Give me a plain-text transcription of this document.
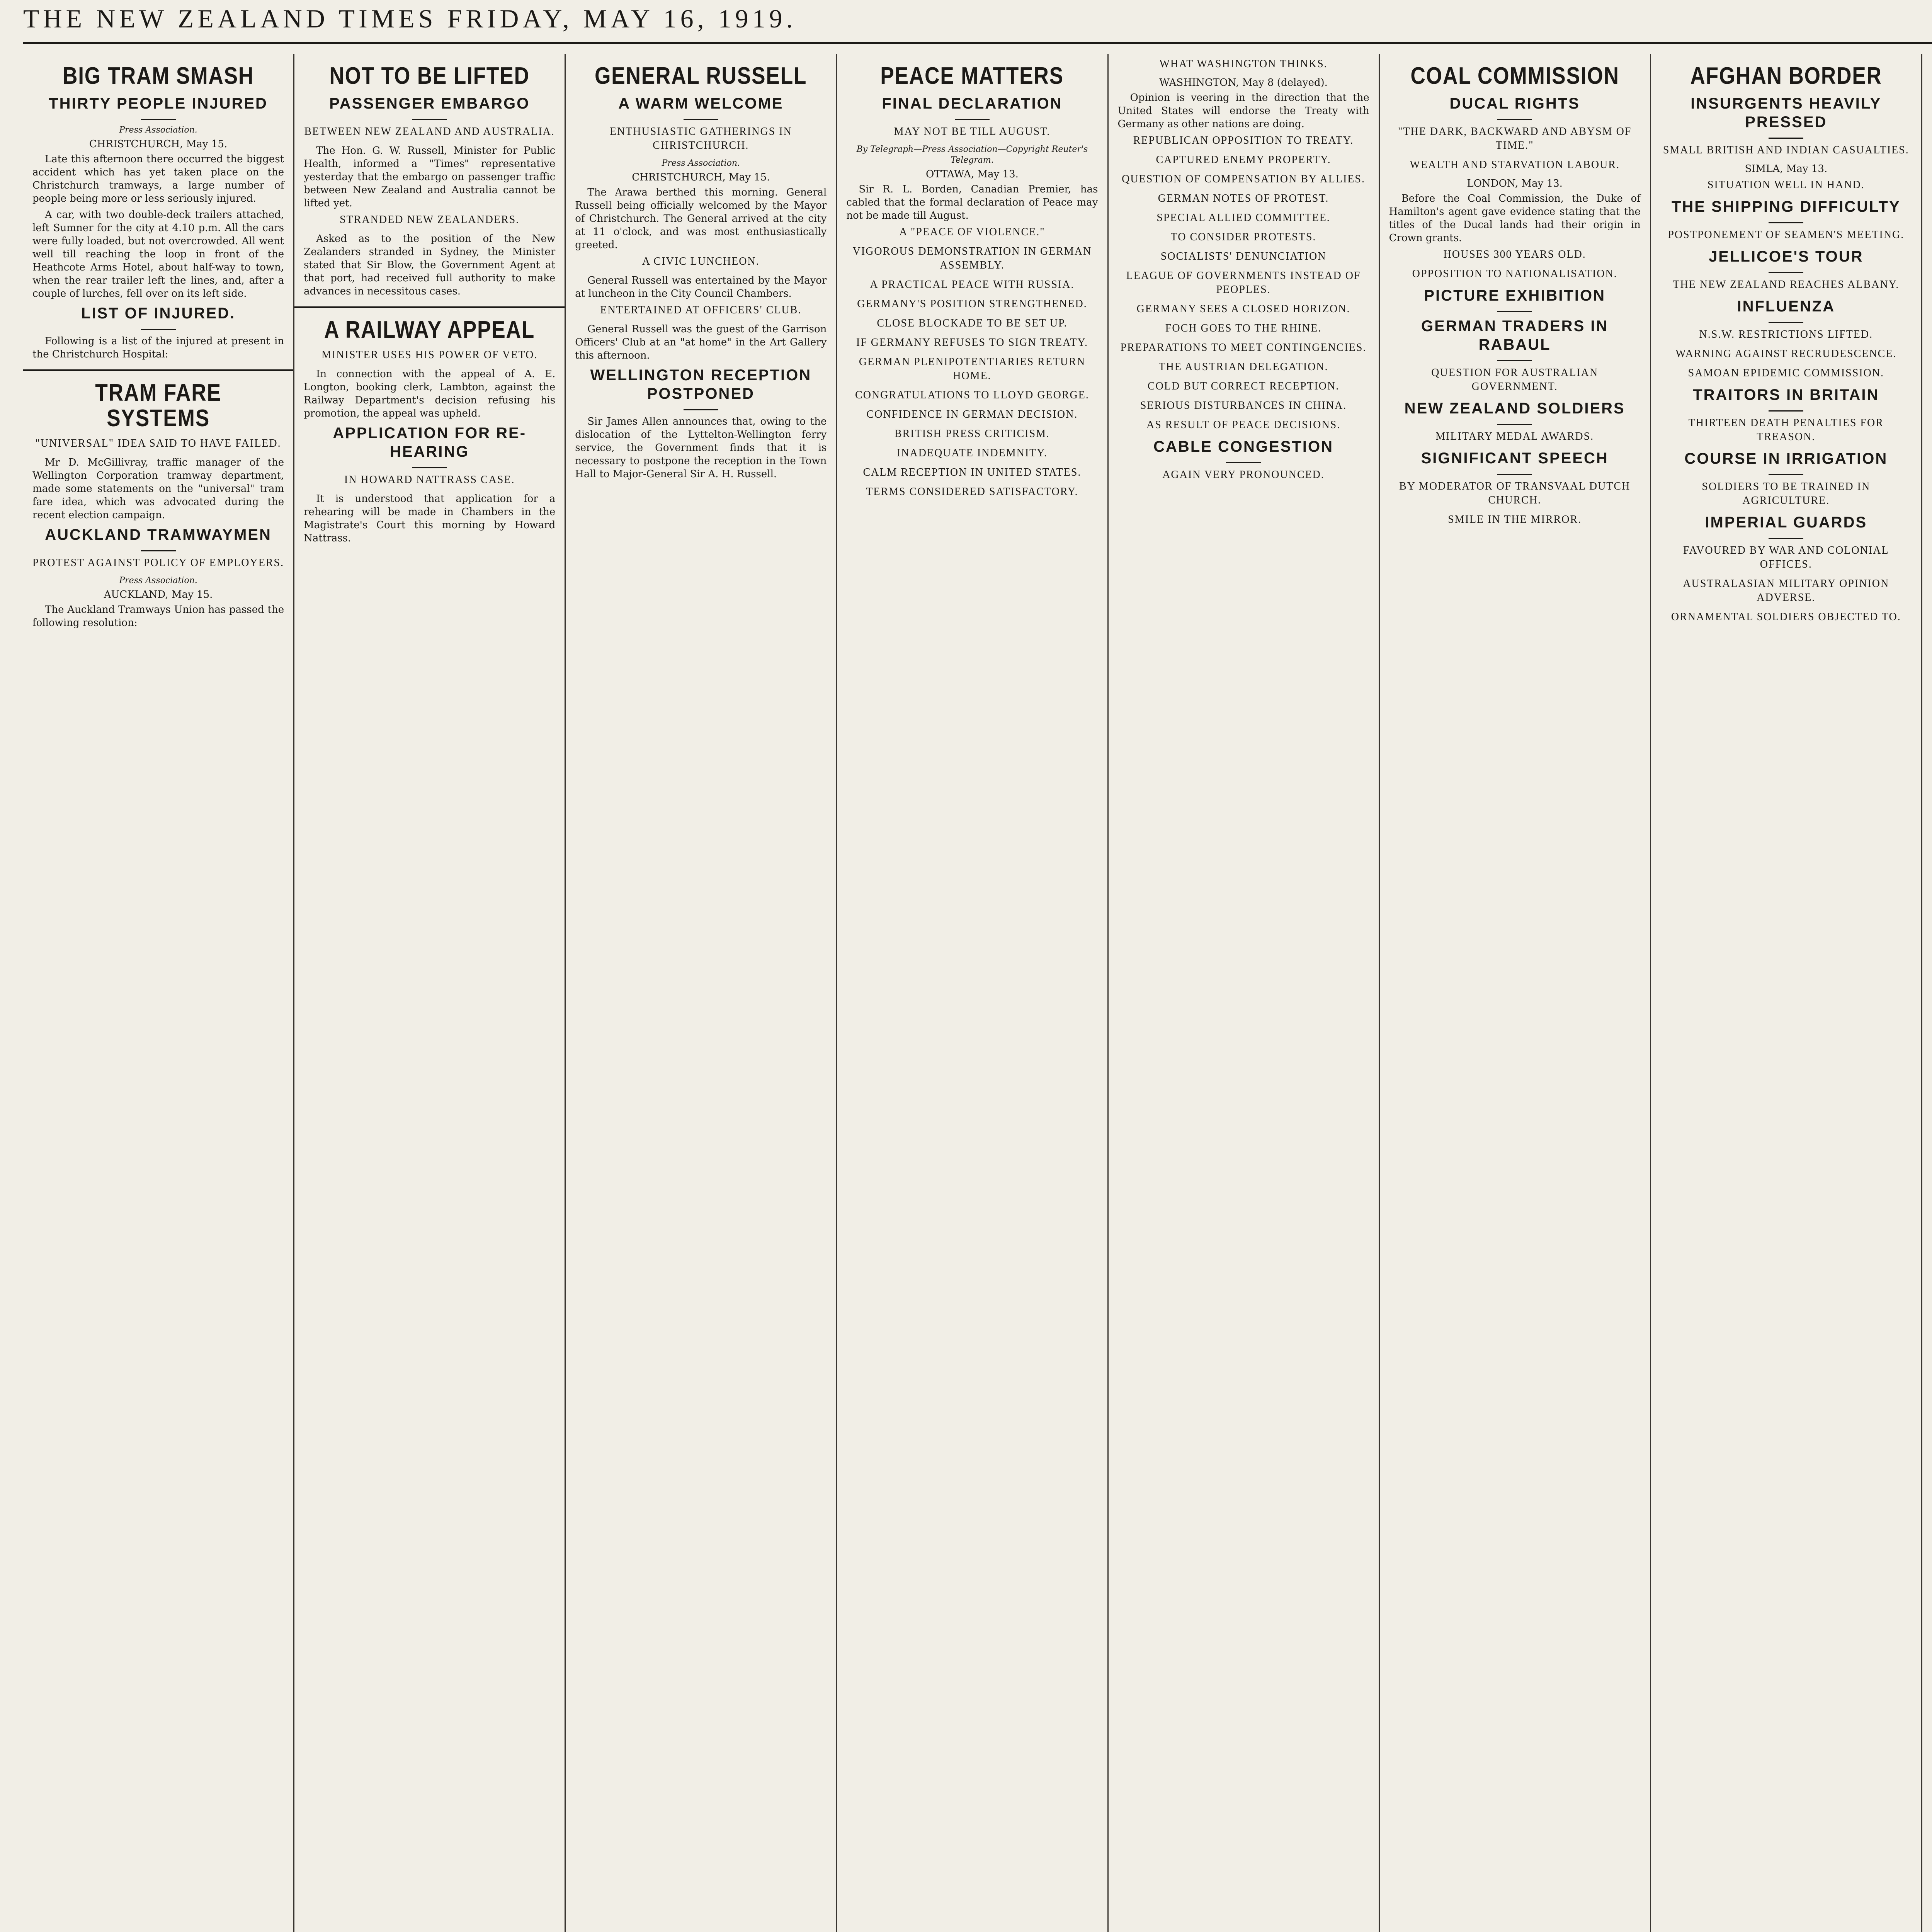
THE NEW ZEALAND TIMES FRIDAY, MAY 16, 1919.
BIG TRAM SMASH
THIRTY PEOPLE INJURED
Press Association.
CHRISTCHURCH, May 15.

Late this afternoon there occurred the biggest accident which has yet taken place on the Christchurch tramways, a large number of people being more or less seriously injured.

A car, with two double-deck trailers attached, left Sumner for the city at 4.10 p.m. All the cars were fully loaded, but not overcrowded. All went well till reaching the loop in front of the Heathcote Arms Hotel, about half-way to town, when the rear trailer left the lines, and, after a couple of lurches, fell over on its left side.

LIST OF INJURED.

Following is a list of the injured at present in the Christchurch Hospital:

TRAM FARE SYSTEMS
"UNIVERSAL" IDEA SAID TO HAVE FAILED.

Mr D. McGillivray, traffic manager of the Wellington Corporation tramway department, made some statements on the "universal" tram fare idea, which was advocated during the recent election campaign.

AUCKLAND TRAMWAYMEN
PROTEST AGAINST POLICY OF EMPLOYERS.
Press Association.
AUCKLAND, May 15.

The Auckland Tramways Union has passed the following resolution:

NOT TO BE LIFTED
PASSENGER EMBARGO
BETWEEN NEW ZEALAND AND AUSTRALIA.

The Hon. G. W. Russell, Minister for Public Health, informed a "Times" representative yesterday that the embargo on passenger traffic between New Zealand and Australia cannot be lifted yet.

STRANDED NEW ZEALANDERS.

Asked as to the position of the New Zealanders stranded in Sydney, the Minister stated that Sir Blow, the Government Agent at that port, had received full authority to make advances in necessitous cases.

A RAILWAY APPEAL
MINISTER USES HIS POWER OF VETO.

In connection with the appeal of A. E. Longton, booking clerk, Lambton, against the Railway Department's decision refusing his promotion, the appeal was upheld.

APPLICATION FOR RE-HEARING
IN HOWARD NATTRASS CASE.

It is understood that application for a rehearing will be made in Chambers in the Magistrate's Court this morning by Howard Nattrass.

GENERAL RUSSELL
A WARM WELCOME
ENTHUSIASTIC GATHERINGS IN CHRISTCHURCH.
Press Association.
CHRISTCHURCH, May 15.

The Arawa berthed this morning. General Russell being officially welcomed by the Mayor of Christchurch. The General arrived at the city at 11 o'clock, and was most enthusiastically greeted.

A CIVIC LUNCHEON.

General Russell was entertained by the Mayor at luncheon in the City Council Chambers.

ENTERTAINED AT OFFICERS' CLUB.

General Russell was the guest of the Garrison Officers' Club at an "at home" in the Art Gallery this afternoon.

WELLINGTON RECEPTION POSTPONED

Sir James Allen announces that, owing to the dislocation of the Lyttelton-Wellington ferry service, the Government finds that it is necessary to postpone the reception in the Town Hall to Major-General Sir A. H. Russell.

PEACE MATTERS
FINAL DECLARATION
MAY NOT BE TILL AUGUST.
By Telegraph—Press Association—Copyright Reuter's Telegram.
OTTAWA, May 13.

Sir R. L. Borden, Canadian Premier, has cabled that the formal declaration of Peace may not be made till August.

A "PEACE OF VIOLENCE."
VIGOROUS DEMONSTRATION IN GERMAN ASSEMBLY.
A PRACTICAL PEACE WITH RUSSIA.
GERMANY'S POSITION STRENGTHENED.
CLOSE BLOCKADE TO BE SET UP.
IF GERMANY REFUSES TO SIGN TREATY.
GERMAN PLENIPOTENTIARIES RETURN HOME.
CONGRATULATIONS TO LLOYD GEORGE.
CONFIDENCE IN GERMAN DECISION.
BRITISH PRESS CRITICISM.
INADEQUATE INDEMNITY.
CALM RECEPTION IN UNITED STATES.
TERMS CONSIDERED SATISFACTORY.
WHAT WASHINGTON THINKS.
WASHINGTON, May 8 (delayed).

Opinion is veering in the direction that the United States will endorse the Treaty with Germany as other nations are doing.

REPUBLICAN OPPOSITION TO TREATY.
CAPTURED ENEMY PROPERTY.
QUESTION OF COMPENSATION BY ALLIES.
GERMAN NOTES OF PROTEST.
SPECIAL ALLIED COMMITTEE.
TO CONSIDER PROTESTS.
SOCIALISTS' DENUNCIATION
LEAGUE OF GOVERNMENTS INSTEAD OF PEOPLES.
GERMANY SEES A CLOSED HORIZON.
FOCH GOES TO THE RHINE.
PREPARATIONS TO MEET CONTINGENCIES.
THE AUSTRIAN DELEGATION.
COLD BUT CORRECT RECEPTION.
SERIOUS DISTURBANCES IN CHINA.
AS RESULT OF PEACE DECISIONS.
CABLE CONGESTION
AGAIN VERY PRONOUNCED.
COAL COMMISSION
DUCAL RIGHTS
"THE DARK, BACKWARD AND ABYSM OF TIME."
WEALTH AND STARVATION LABOUR.
LONDON, May 13.

Before the Coal Commission, the Duke of Hamilton's agent gave evidence stating that the titles of the Ducal lands had their origin in Crown grants.

HOUSES 300 YEARS OLD.
OPPOSITION TO NATIONALISATION.
PICTURE EXHIBITION
GERMAN TRADERS IN RABAUL
QUESTION FOR AUSTRALIAN GOVERNMENT.
NEW ZEALAND SOLDIERS
MILITARY MEDAL AWARDS.
SIGNIFICANT SPEECH
BY MODERATOR OF TRANSVAAL DUTCH CHURCH.
SMILE IN THE MIRROR.
AFGHAN BORDER
INSURGENTS HEAVILY PRESSED
SMALL BRITISH AND INDIAN CASUALTIES.
SIMLA, May 13.
SITUATION WELL IN HAND.
THE SHIPPING DIFFICULTY
POSTPONEMENT OF SEAMEN'S MEETING.
JELLICOE'S TOUR
THE NEW ZEALAND REACHES ALBANY.
INFLUENZA
N.S.W. RESTRICTIONS LIFTED.
WARNING AGAINST RECRUDESCENCE.
SAMOAN EPIDEMIC COMMISSION.
TRAITORS IN BRITAIN
THIRTEEN DEATH PENALTIES FOR TREASON.
COURSE IN IRRIGATION
SOLDIERS TO BE TRAINED IN AGRICULTURE.
IMPERIAL GUARDS
FAVOURED BY WAR AND COLONIAL OFFICES.
AUSTRALASIAN MILITARY OPINION ADVERSE.
ORNAMENTAL SOLDIERS OBJECTED TO.
